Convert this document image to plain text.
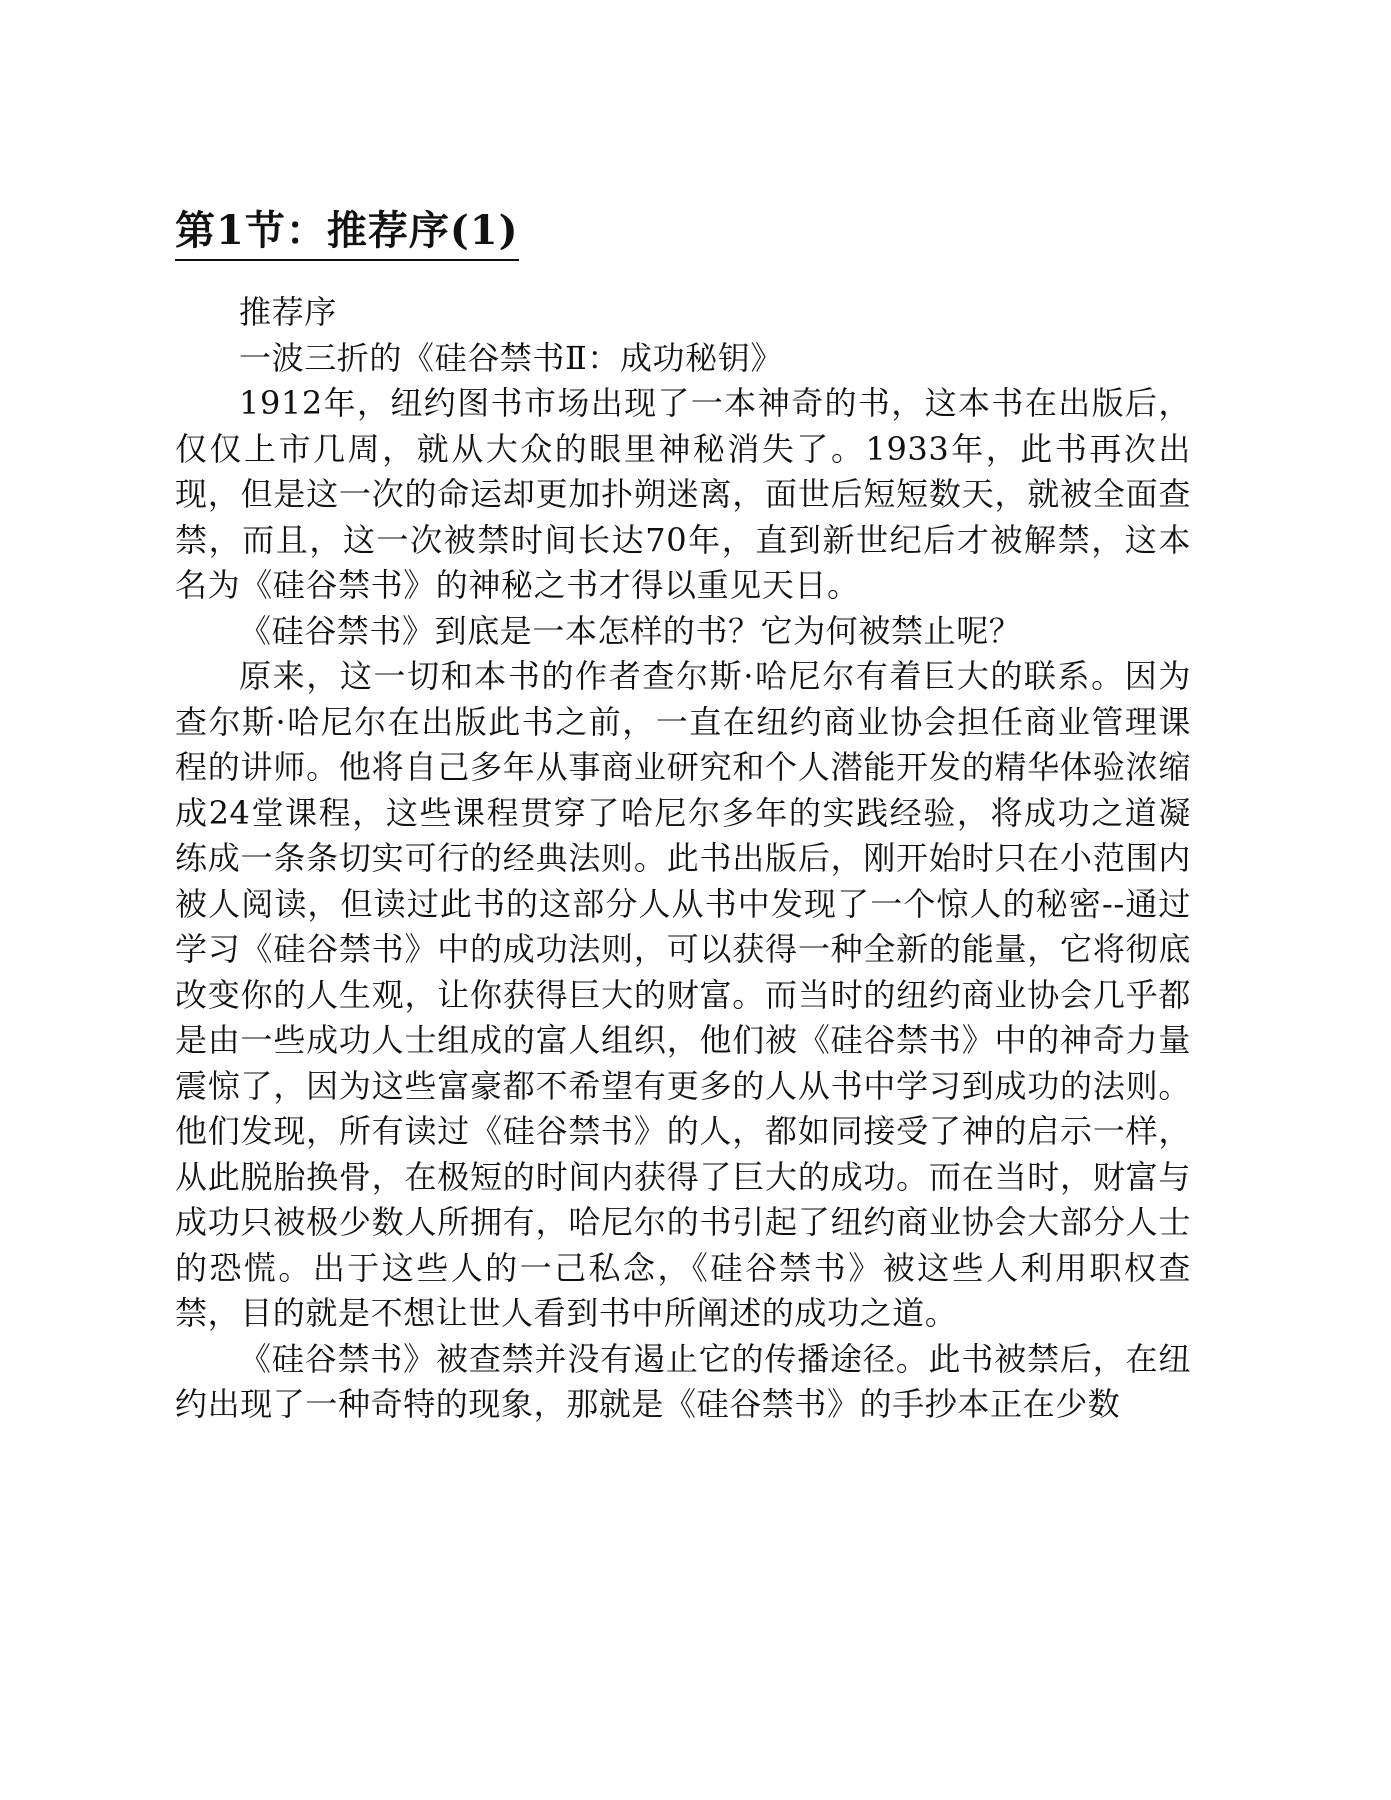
第1节：推荐序(1)

推荐序

一波三折的《硅谷禁书Ⅱ：成功秘钥》

1912年，纽约图书市场出现了一本神奇的书，这本书在出版后，仅仅上市几周，就从大众的眼里神秘消失了。1933年，此书再次出现，但是这一次的命运却更加扑朔迷离，面世后短短数天，就被全面查禁，而且，这一次被禁时间长达70年，直到新世纪后才被解禁，这本名为《硅谷禁书》的神秘之书才得以重见天日。

《硅谷禁书》到底是一本怎样的书？它为何被禁止呢？

原来，这一切和本书的作者查尔斯·哈尼尔有着巨大的联系。因为查尔斯·哈尼尔在出版此书之前，一直在纽约商业协会担任商业管理课程的讲师。他将自己多年从事商业研究和个人潜能开发的精华体验浓缩成24堂课程，这些课程贯穿了哈尼尔多年的实践经验，将成功之道凝练成一条条切实可行的经典法则。此书出版后，刚开始时只在小范围内被人阅读，但读过此书的这部分人从书中发现了一个惊人的秘密--通过学习《硅谷禁书》中的成功法则，可以获得一种全新的能量，它将彻底改变你的人生观，让你获得巨大的财富。而当时的纽约商业协会几乎都是由一些成功人士组成的富人组织，他们被《硅谷禁书》中的神奇力量震惊了，因为这些富豪都不希望有更多的人从书中学习到成功的法则。他们发现，所有读过《硅谷禁书》的人，都如同接受了神的启示一样，从此脱胎换骨，在极短的时间内获得了巨大的成功。而在当时，财富与成功只被极少数人所拥有，哈尼尔的书引起了纽约商业协会大部分人士的恐慌。出于这些人的一己私念，《硅谷禁书》被这些人利用职权查禁，目的就是不想让世人看到书中所阐述的成功之道。

《硅谷禁书》被查禁并没有遏止它的传播途径。此书被禁后，在纽约出现了一种奇特的现象，那就是《硅谷禁书》的手抄本正在少数
